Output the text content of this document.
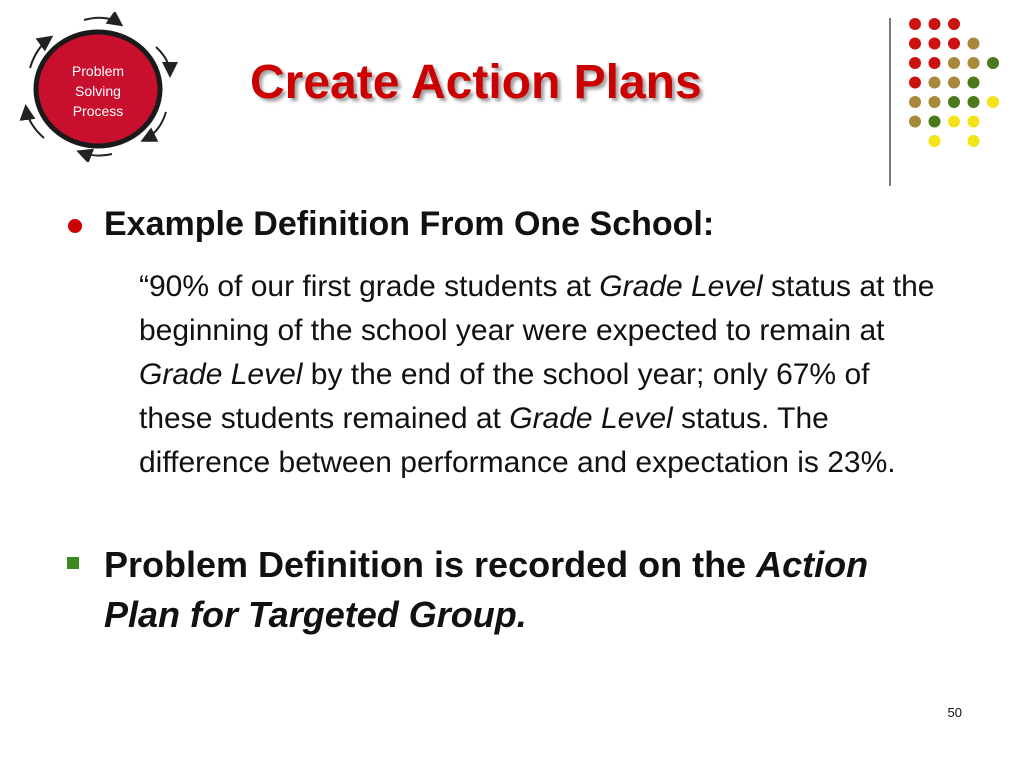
Problem
Solving
Process
Create Action Plans
Example Definition From One School:

“90% of our first grade students at Grade Level status at the beginning of the school year were expected to remain at Grade Level by the end of the school year; only 67% of these students remained at Grade Level status. The difference between performance and expectation is 23%.

Problem Definition is recorded on the Action Plan for Targeted Group.

50
